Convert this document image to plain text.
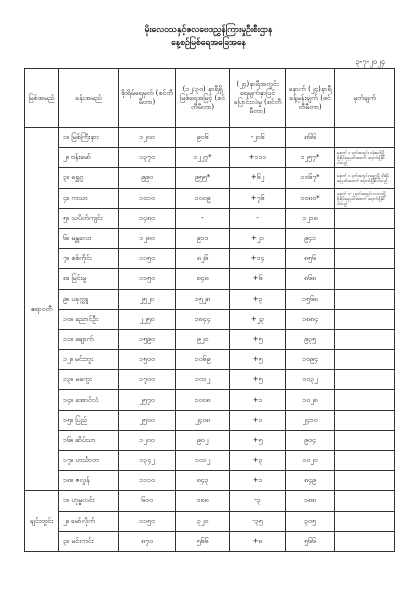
မိုးလေဝသနှင့်ဇလဗေဒညွှန်ကြားမှုဦးစီးဌာန
နေ့စဉ်မြစ်ရေအခြေအနေ
၃-၇-၂၀၂၄
မြစ်အမည်	ခန်းအမည်	စိုးရိမ်ရေမှတ် (စင်တီမီတာ)	(၁၂:၃၀) နာရီရှိ မြစ်ရေအမြင့် (စင်တီမီတာ)	(၂၄)နာရီအတွင်း ရေမျက်နှာပြင် ပြောင်းလဲမှု (စင်တီမီတာ)	နောက် (၂၄)နာရီ ခန့်မှန်းချက် (စင်တီမီတာ)	မှတ်ချက်
ဧရာဝတီ	၁။ မြစ်ကြီးနား	၁၂၀၀	၉၀၆	-၂၀၆	၈၆၆	
	၂။ ဗန်းမော်	၁၃၇၀	၁၂၂၇*	+၁၁၁	၁၂၅၇*	နောက် ၁ ရက်အတွင်း ဗန်းမော်မြို့ စိုးရိမ်ရေမှတ်အထက် ရောက်ရှိနိုင်ပါသည်
	၃။ ရွှေဂူ	၉၉၀	၉၅၅*	+၆၂	၁၀၆၇*	နောက် ၁ ရက်အတွင်း ရွှေဂူမြို့ စိုးရိမ်ရေမှတ်အထက် ရောက်ရှိနိုင်ပါသည်
	၄။ ကသာ	၁၀၁၀	၁၀၀၉	+၇၆	၁၀၈၀*	နောက် ၁-၂ ရက်အတွင်း ကသာမြို့ စိုးရိမ်ရေမှတ်အထက် ရောက်ရှိနိုင်ပါသည်
	၅။ သပိတ်ကျင်း	၁၄၈၀	-	-	၁၂၁၈	
	၆။ မန္တလေး	၁၂၈၀	၉၁၁	+၂၁	၉၄၁	
	၇။ စစ်ကိုင်း	၁၁၅၀	၈၂၆	+၁၄	၈၅၆	
	၈။ မြင်းမူ	၁၁၅၀	၈၄၈	+၆	၈၆၈	
	၉။ ပခုက္ကူ	၂၅၂၀	၁၅၂၈	+၃	၁၅၆၈	
	၁၀။ ညောင်ဦး	၂၂၅၀	၁၈၄၄	+၂၃	၁၈၈၄	
	၁၁။ ချောက်	၁၅၉၀	၉၂၀	+၅	၉၃၅	
	၁၂။ မင်းဘူး	၁၅၀၀	၁၀၆၉	+၅	၁၀၉၄	
	၁၃။ မကွေး	၁၇၀၀	၁၀၁၂	+၅	၁၀၃၂	
	၁၄။ အောင်လံ	၂၅၇၀	၁၀၀၈	+၁	၁၀၂၈	
	၁၅။ ပြည်	၂၅၀၀	၂၄၀၈	+၁	၂၄၁၀	
	၁၆။ ဆိပ်သာ	၁၂၀၀	၉၀၂	+၅	၉၀၄	
	၁၇။ ဟင်္သာတ	၁၃၄၂	၁၀၁၂	+၃	၁၀၂၀	
	၁၈။ ဇလွန်	၁၁၁၀	၈၄၃	+၁	၈၄၉	
ချင်းတွင်း	၁။ ဟုမ္မလင်း	၆၀၀	၁၈၈	-၃	၁၈၈	
	၂။ မော်လိုက်	၁၁၅၀	၃၂၀	-၃၅	၃၀၅	
	၃။ မင်းကင်း	၈၇၀	၅၆၆	+၈	၅၆၆	
